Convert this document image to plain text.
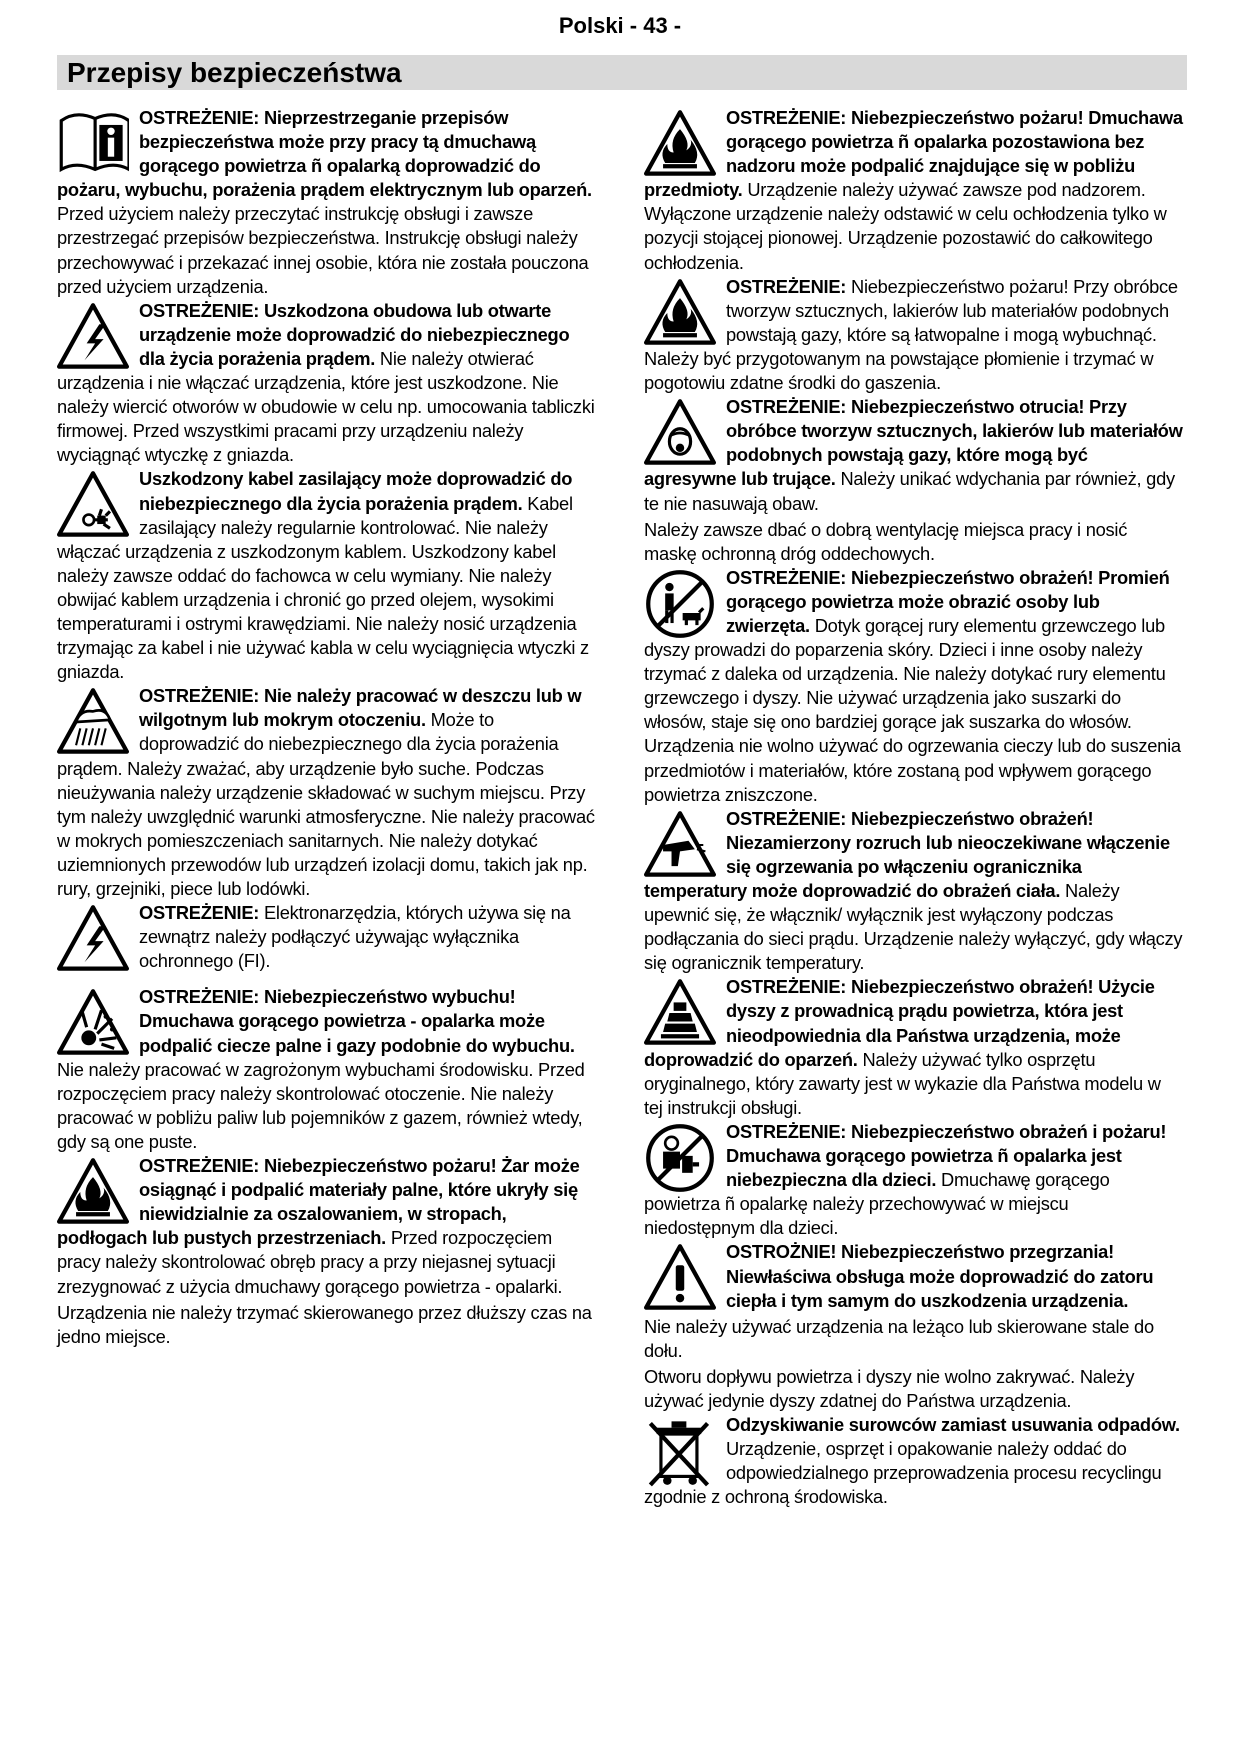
Polski - 43 -
Przepisy bezpieczeństwa

OSTREŻENIE: Nieprzestrzeganie przepisów bezpieczeństwa może przy pracy tą dmuchawą gorącego powietrza ñ opalarką doprowadzić do pożaru, wybuchu, porażenia prądem elektrycznym lub oparzeń. Przed użyciem należy przeczytać instrukcję obsługi i zawsze przestrzegać przepisów bezpieczeństwa. Instrukcję obsługi należy przechowywać i przekazać innej osobie, która nie została pouczona przed użyciem urządzenia.

OSTREŻENIE: Uszkodzona obudowa lub otwarte urządzenie może doprowadzić do niebezpiecznego dla życia porażenia prądem. Nie należy otwierać urządzenia i nie włączać urządzenia, które jest uszkodzone. Nie należy wiercić otworów w obudowie w celu np. umocowania tabliczki firmowej. Przed wszystkimi pracami przy urządzeniu należy wyciągnąć wtyczkę z gniazda.

Uszkodzony kabel zasilający może doprowadzić do niebezpiecznego dla życia porażenia prądem. Kabel zasilający należy regularnie kontrolować. Nie należy włączać urządzenia z uszkodzonym kablem. Uszkodzony kabel należy zawsze oddać do fachowca w celu wymiany. Nie należy obwijać kablem urządzenia i chronić go przed olejem, wysokimi temperaturami i ostrymi krawędziami. Nie należy nosić urządzenia trzymając za kabel i nie używać kabla w celu wyciągnięcia wtyczki z gniazda.

OSTREŻENIE: Nie należy pracować w deszczu lub w wilgotnym lub mokrym otoczeniu. Może to doprowadzić do niebezpiecznego dla życia porażenia prądem. Należy zważać, aby urządzenie było suche. Podczas nieużywania należy urządzenie składować w suchym miejscu. Przy tym należy uwzględnić warunki atmosferyczne. Nie należy pracować w mokrych pomieszczeniach sanitarnych. Nie należy dotykać uziemnionych przewodów lub urządzeń izolacji domu, takich jak np. rury, grzejniki, piece lub lodówki.

OSTREŻENIE: Elektronarzędzia, których używa się na zewnątrz należy podłączyć używając wyłącznika ochronnego (FI).

OSTREŻENIE: Niebezpieczeństwo wybuchu! Dmuchawa gorącego powietrza - opalarka może podpalić ciecze palne i gazy podobnie do wybuchu. Nie należy pracować w zagrożonym wybuchami środowisku. Przed rozpoczęciem pracy należy skontrolować otoczenie. Nie należy pracować w pobliżu paliw lub pojemników z gazem, również wtedy, gdy są one puste.

OSTREŻENIE: Niebezpieczeństwo pożaru! Żar może osiągnąć i podpalić materiały palne, które ukryły się niewidzialnie za oszalowaniem, w stropach, podłogach lub pustych przestrzeniach. Przed rozpoczęciem pracy należy skontrolować obręb pracy a przy niejasnej sytuacji zrezygnować z użycia dmuchawy gorącego powietrza - opalarki.

Urządzenia nie należy trzymać skierowanego przez dłuższy czas na jedno miejsce.

OSTREŻENIE: Niebezpieczeństwo pożaru! Dmuchawa gorącego powietrza ñ opalarka pozostawiona bez nadzoru może podpalić znajdujące się w pobliżu przedmioty. Urządzenie należy używać zawsze pod nadzorem. Wyłączone urządzenie należy odstawić w celu ochłodzenia tylko w pozycji stojącej pionowej. Urządzenie pozostawić do całkowitego ochłodzenia.

OSTREŻENIE: Niebezpieczeństwo pożaru! Przy obróbce tworzyw sztucznych, lakierów lub materiałów podobnych powstają gazy, które są łatwopalne i mogą wybuchnąć. Należy być przygotowanym na powstające płomienie i trzymać w pogotowiu zdatne środki do gaszenia.

OSTREŻENIE: Niebezpieczeństwo otrucia! Przy obróbce tworzyw sztucznych, lakierów lub materiałów podobnych powstają gazy, które mogą być agresywne lub trujące. Należy unikać wdychania par również, gdy te nie nasuwają obaw.

Należy zawsze dbać o dobrą wentylację miejsca pracy i nosić maskę ochronną dróg oddechowych.

OSTREŻENIE: Niebezpieczeństwo obrażeń! Promień gorącego powietrza może obrazić osoby lub zwierzęta. Dotyk gorącej rury elementu grzewczego lub dyszy prowadzi do poparzenia skóry. Dzieci i inne osoby należy trzymać z daleka od urządzenia. Nie należy dotykać rury elementu grzewczego i dyszy. Nie używać urządzenia jako suszarki do włosów, staje się ono bardziej gorące jak suszarka do włosów. Urządzenia nie wolno używać do ogrzewania cieczy lub do suszenia przedmiotów i materiałów, które zostaną pod wpływem gorącego powietrza zniszczone.

OSTREŻENIE: Niebezpieczeństwo obrażeń! Niezamierzony rozruch lub nieoczekiwane włączenie się ogrzewania po włączeniu ogranicznika temperatury może doprowadzić do obrażeń ciała. Należy upewnić się, że włącznik/ wyłącznik jest wyłączony podczas podłączania do sieci prądu. Urządzenie należy wyłączyć, gdy włączy się ogranicznik temperatury.

OSTREŻENIE: Niebezpieczeństwo obrażeń! Użycie dyszy z prowadnicą prądu powietrza, która jest nieodpowiednia dla Państwa urządzenia, może doprowadzić do oparzeń. Należy używać tylko osprzętu oryginalnego, który zawarty jest w wykazie dla Państwa modelu w tej instrukcji obsługi.

OSTREŻENIE: Niebezpieczeństwo obrażeń i pożaru! Dmuchawa gorącego powietrza ñ opalarka jest niebezpieczna dla dzieci. Dmuchawę gorącego powietrza ñ opalarkę należy przechowywać w miejscu niedostępnym dla dzieci.

OSTROŻNIE! Niebezpieczeństwo przegrzania! Niewłaściwa obsługa może doprowadzić do zatoru ciepła i tym samym do uszkodzenia urządzenia.

Nie należy używać urządzenia na leżąco lub skierowane stale do dołu.

Otworu dopływu powietrza i dyszy nie wolno zakrywać. Należy używać jedynie dyszy zdatnej do Państwa urządzenia.

Odzyskiwanie surowców zamiast usuwania odpadów. Urządzenie, osprzęt i opakowanie należy oddać do odpowiedzialnego przeprowadzenia procesu recyclingu zgodnie z ochroną środowiska.
